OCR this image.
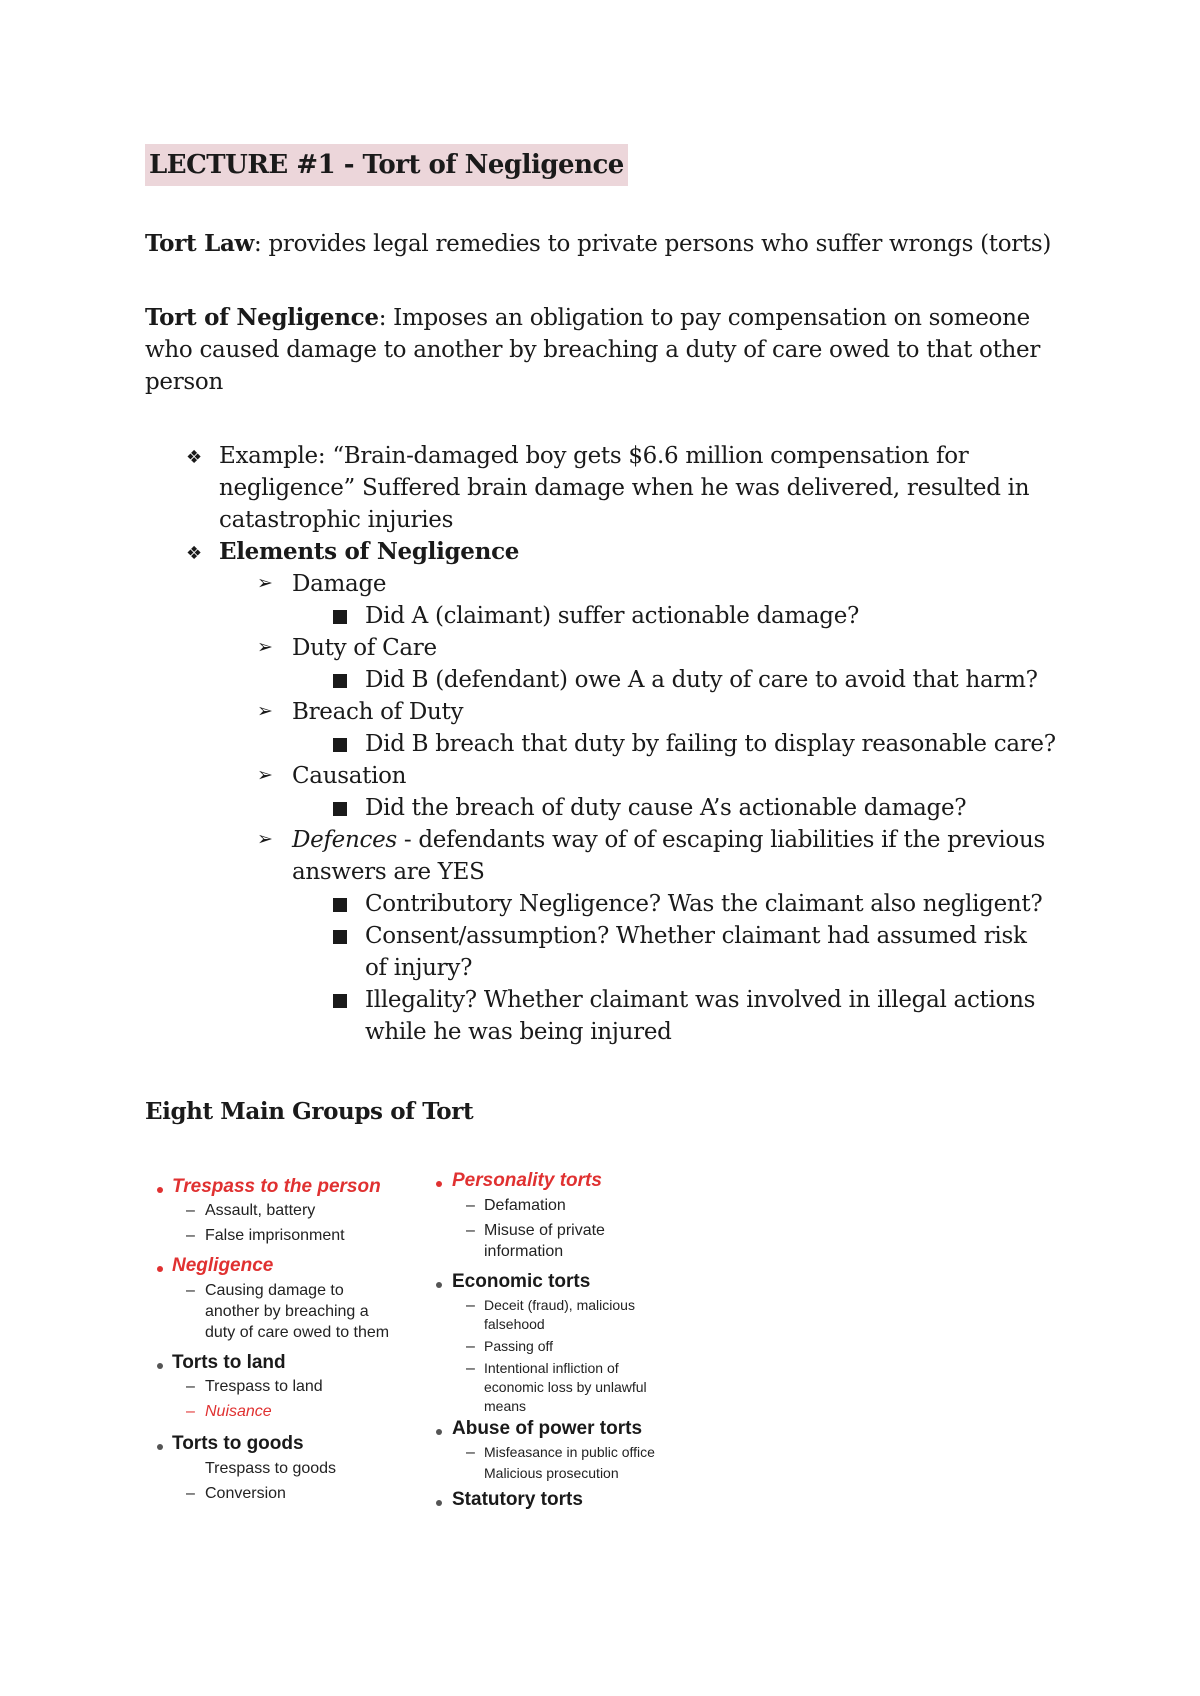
LECTURE #1 - Tort of Negligence
Tort Law: provides legal remedies to private persons who suffer wrongs (torts)
Tort of Negligence: Imposes an obligation to pay compensation on someone
who caused damage to another by breaching a duty of care owed to that other
person
❖ Example: “Brain-damaged boy gets $6.6 million compensation for
negligence” Suffered brain damage when he was delivered, resulted in
catastrophic injuries
❖ Elements of Negligence
➢ Damage
Did A (claimant) suffer actionable damage?
➢ Duty of Care
Did B (defendant) owe A a duty of care to avoid that harm?
➢ Breach of Duty
Did B breach that duty by failing to display reasonable care?
➢ Causation
Did the breach of duty cause A’s actionable damage?
➢ Defences - defendants way of of escaping liabilities if the previous
answers are YES
Contributory Negligence? Was the claimant also negligent?
Consent/assumption? Whether claimant had assumed risk
of injury?
Illegality? Whether claimant was involved in illegal actions
while he was being injured
Eight Main Groups of Tort
Trespass to the person
– Assault, battery
– False imprisonment
Negligence
– Causing damage to
another by breaching a
duty of care owed to them
Torts to land
– Trespass to land
– Nuisance
Torts to goods
Trespass to goods
– Conversion
Personality torts
– Defamation
– Misuse of private
information
Economic torts
– Deceit (fraud), malicious
falsehood
– Passing off
– Intentional infliction of
economic loss by unlawful
means
Abuse of power torts
– Misfeasance in public office
Malicious prosecution
Statutory torts
